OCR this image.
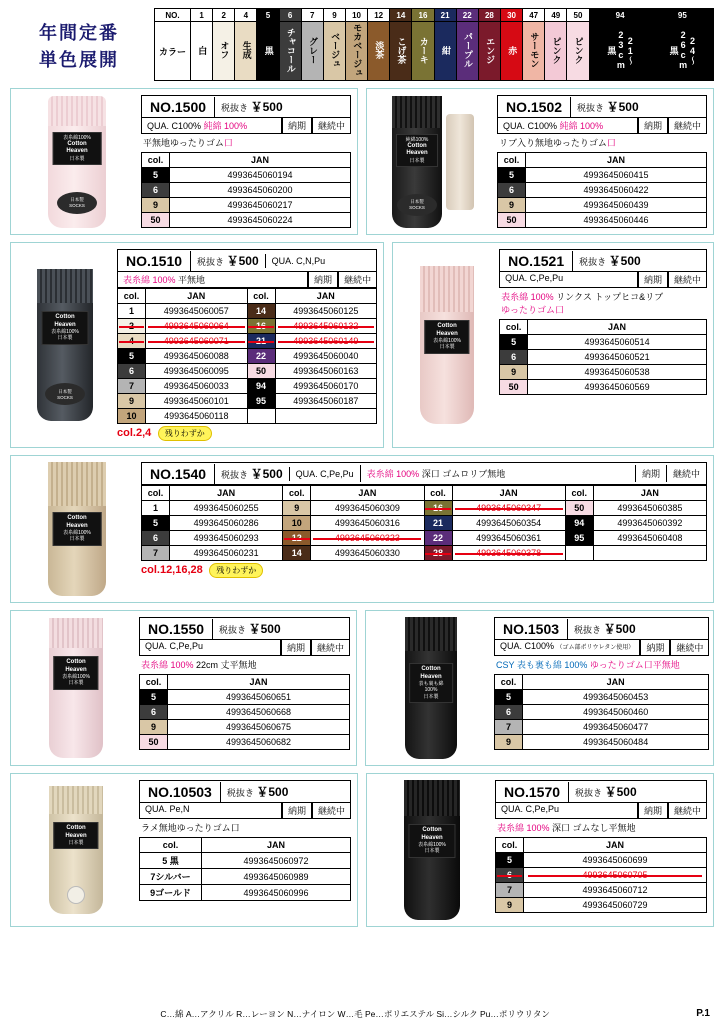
年間定番
単色展開
NO.	1	2	4	5	6	7	9	10	12	14	16	21	22	28	30	47	49	50	94	95
カラー	白	オフ	生成	黒	チャコール	グレー	ベージュ	モカベージュ	淡茶	こげ茶	カーキ	紺	パープル	エンジ	赤	サーモン	ピンク	ピンク	21〜23cm 黒	24〜26cm 黒
表糸綿100%
Cotton Heaven
日本製
日本製
SOCKS
NO.1500	税抜き ￥500
QUA. C100% 純綿 100%	納期	継続中
平無地ゆったりゴム口
col.	JAN
5	4993645060194
6	4993645060200
9	4993645060217
50	4993645060224
純綿100%
Cotton Heaven
日本製
日本製
SOCKS
NO.1502	税抜き ￥500
QUA. C100% 純綿 100%	納期	継続中
リブ入り無地ゆったりゴム口
col.	JAN
5	4993645060415
6	4993645060422
9	4993645060439
50	4993645060446
Cotton Heaven
表糸綿100%
日本製
日本製
SOCKS
NO.1510	税抜き ￥500	QUA. C,N,Pu
表糸綿 100% 平無地	納期	継続中
col.	JAN	col.	JAN
1	4993645060057	14	4993645060125
2	4993645060064	16	4993645060132
4	4993645060071	21	4993645060149
5	4993645060088	22	4993645060040
6	4993645060095	50	4993645060163
7	4993645060033	94	4993645060170
9	4993645060101	95	4993645060187
10	4993645060118		
col.2,4 残りわずか
Cotton Heaven
表糸綿100%
日本製
NO.1521	税抜き ￥500
QUA. C,Pe,Pu	納期	継続中
表糸綿 100% リンクス トップヒコ&リブ
ゆったりゴム口
col.	JAN
5	4993645060514
6	4993645060521
9	4993645060538
50	4993645060569
Cotton Heaven
表糸綿100%
日本製
NO.1540	税抜き ￥500	QUA. C,Pe,Pu	表糸綿 100% 深口 ゴムロリブ無地	納期	継続中
col.	JAN	col.	JAN	col.	JAN	col.	JAN
1	4993645060255	9	4993645060309	16	4993645060347	50	4993645060385
5	4993645060286	10	4993645060316	21	4993645060354	94	4993645060392
6	4993645060293	12	4993645060323	22	4993645060361	95	4993645060408
7	4993645060231	14	4993645060330	28	4993645060378		
col.12,16,28 残りわずか
Cotton Heaven
表糸綿100%
日本製
NO.1550	税抜き ￥500
QUA. C,Pe,Pu	納期	継続中
表糸綿 100% 22cm 丈平無地
col.	JAN
5	4993645060651
6	4993645060668
9	4993645060675
50	4993645060682
Cotton Heaven
表も裏も綿100%
日本製
NO.1503	税抜き ￥500
QUA. C100% （ゴム部ポリウレタン使用）	納期	継続中
CSY 表も裏も綿 100% ゆったりゴム口平無地
col.	JAN
5	4993645060453
6	4993645060460
7	4993645060477
9	4993645060484
Cotton Heaven
日本製
NO.10503	税抜き ￥500
QUA. Pe,N	納期	継続中
ラメ無地ゆったりゴム口
col.	JAN
5 黒	4993645060972
7シルバー	4993645060989
9ゴールド	4993645060996
Cotton Heaven
表糸綿100%
日本製
NO.1570	税抜き ￥500
QUA. C,Pe,Pu	納期	継続中
表糸綿 100% 深口 ゴムなし平無地
col.	JAN
5	4993645060699
6	4993645060705
7	4993645060712
9	4993645060729
C…綿 A…アクリル R…レーヨン N…ナイロン W…毛 Pe…ポリエステル Si…シルク Pu…ポリウリタン	P.1
